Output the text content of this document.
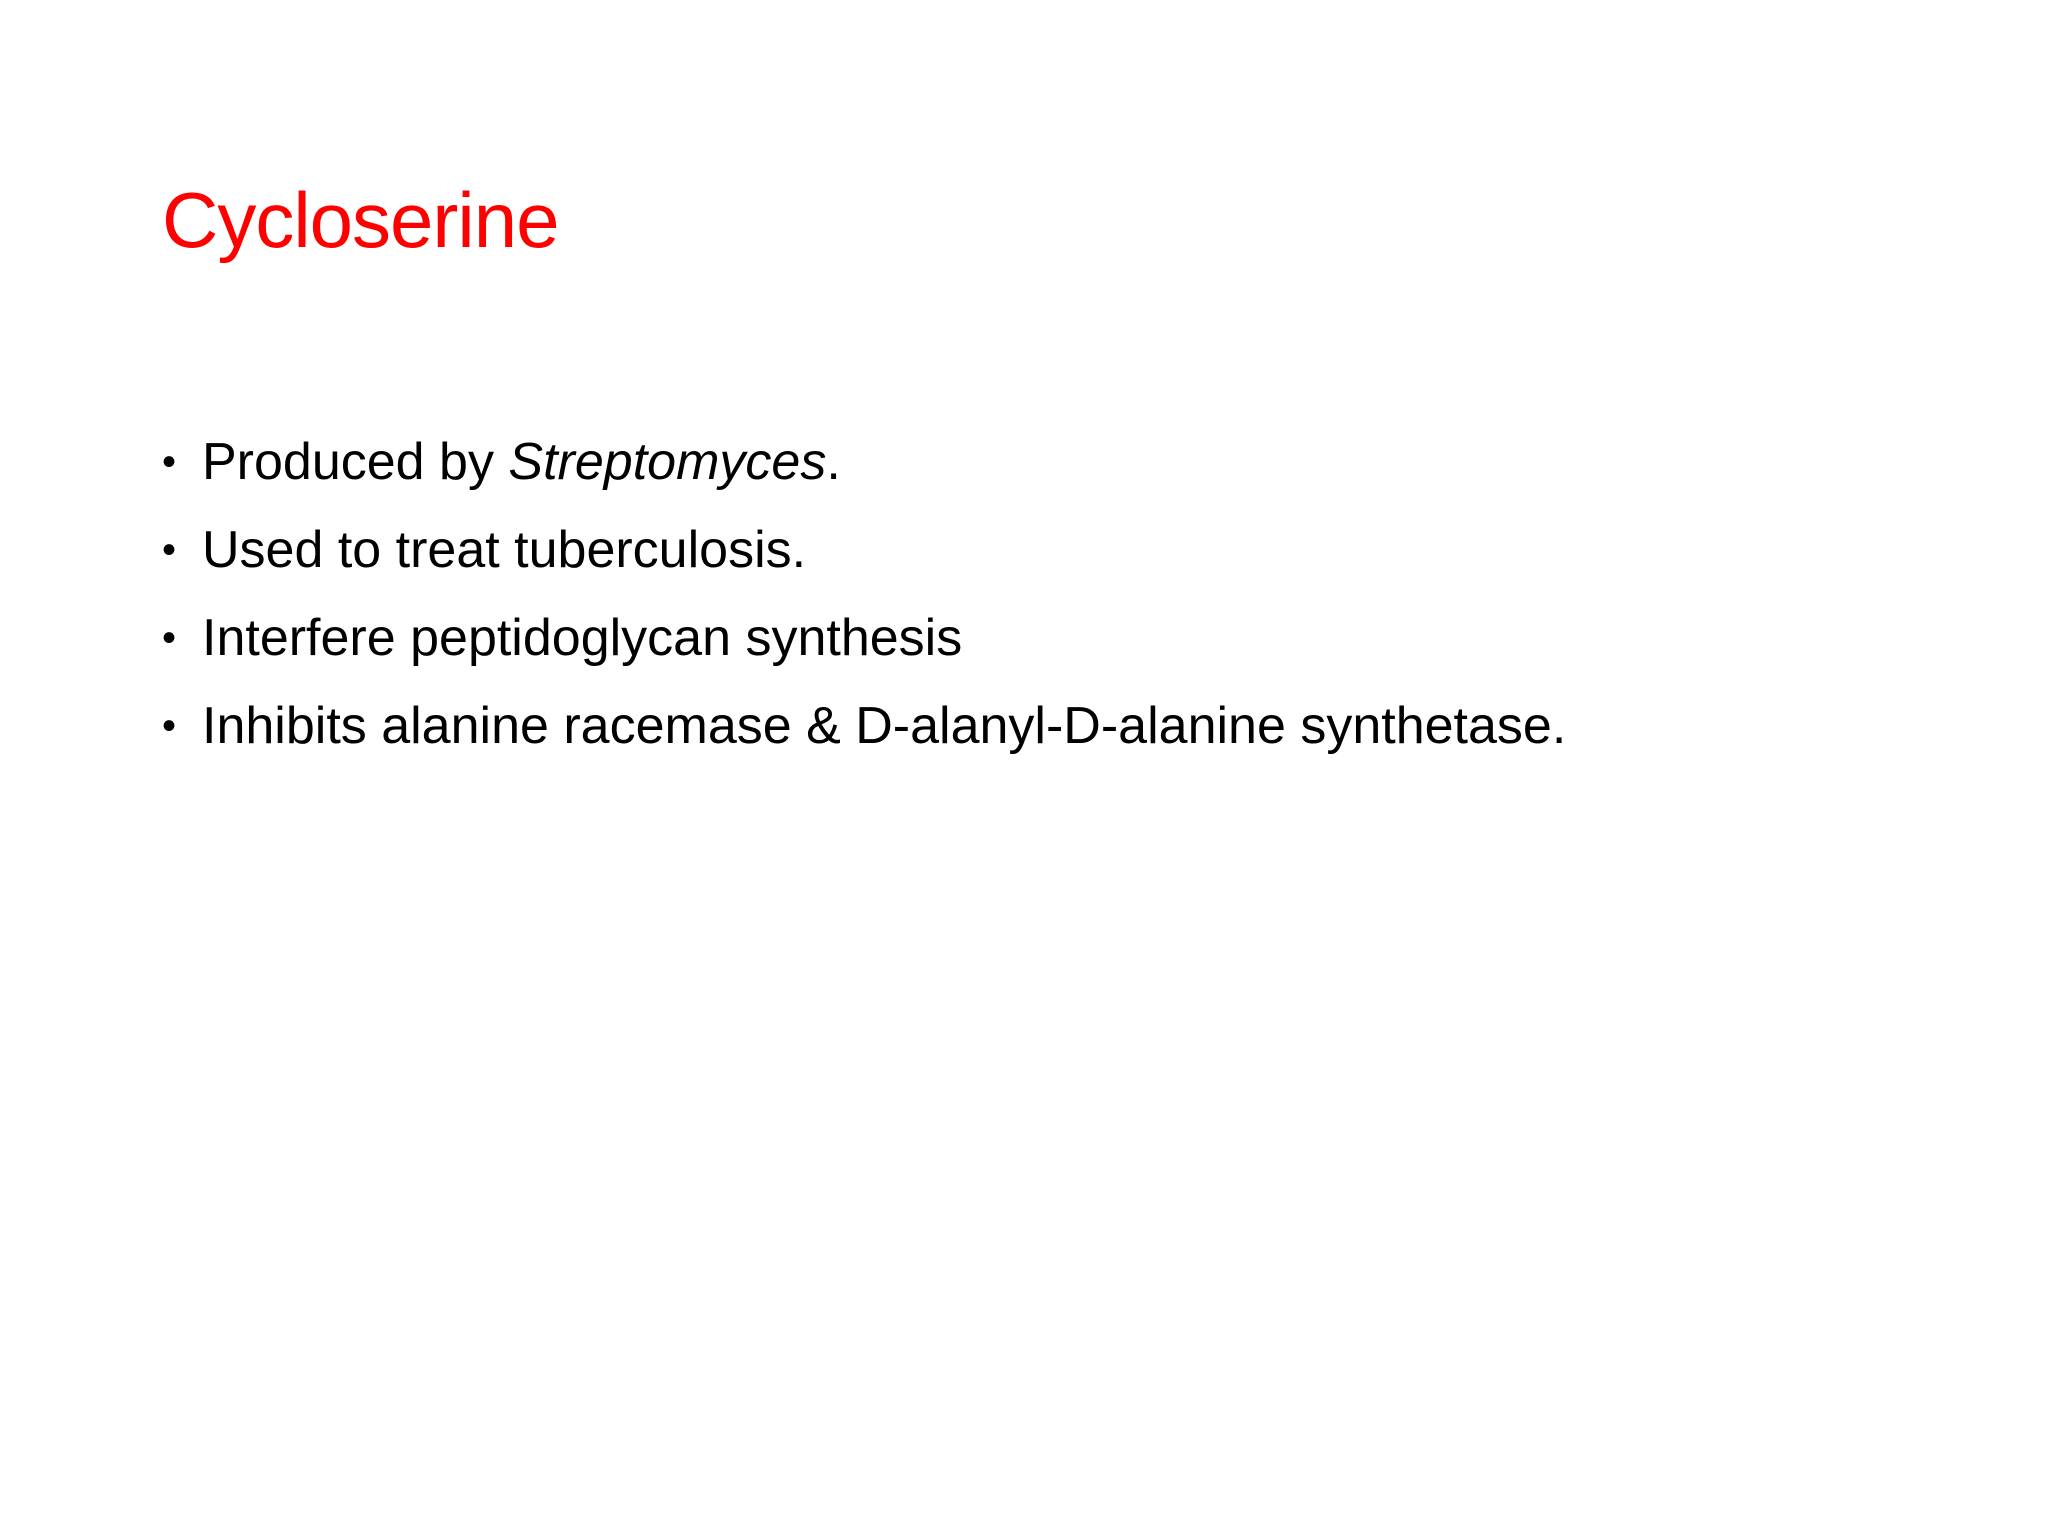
Cycloserine
• Produced by Streptomyces.
• Used to treat tuberculosis.
• Interfere peptidoglycan synthesis
• Inhibits alanine racemase & D-alanyl-D-alanine synthetase.
